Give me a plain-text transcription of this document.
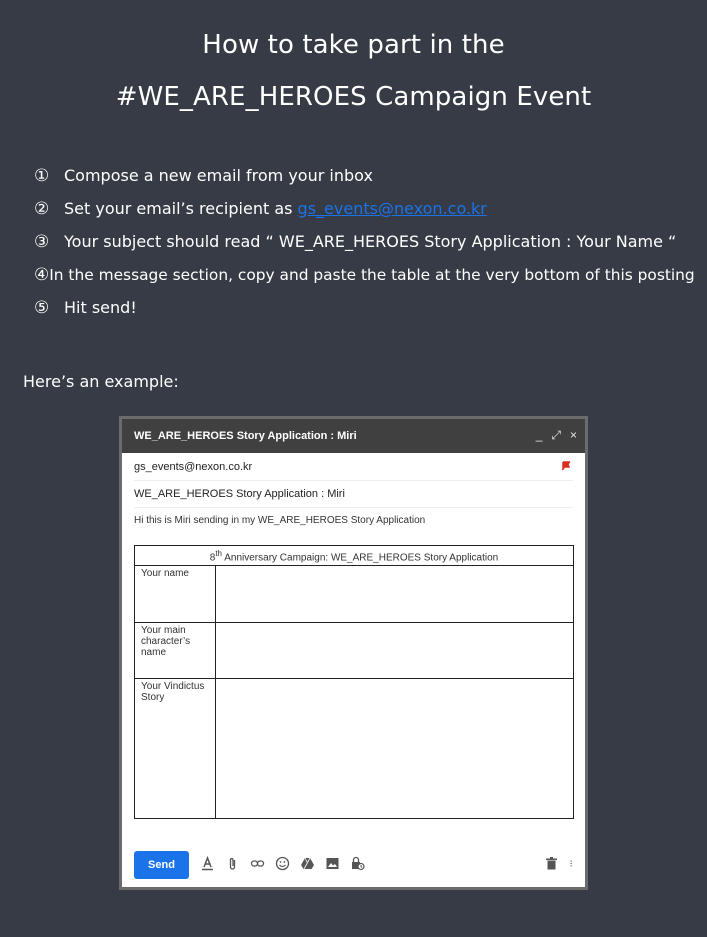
How to take part in the
#WE_ARE_HEROES Campaign Event
① Compose a new email from your inbox
② Set your email’s recipient as gs_events@nexon.co.kr
③ Your subject should read “ WE_ARE_HEROES Story Application : Your Name “
④ In the message section, copy and paste the table at the very bottom of this posting
⑤ Hit send!
Here’s an example:
WE_ARE_HEROES Story Application : Miri	_ ⤢ ×
gs_events@nexon.co.kr
WE_ARE_HEROES Story Application : Miri
Hi this is Miri sending in my WE_ARE_HEROES Story Application
8th Anniversary Campaign: WE_ARE_HEROES Story Application	
Your name	
Your main character’s name	
Your Vindictus Story	
Send
